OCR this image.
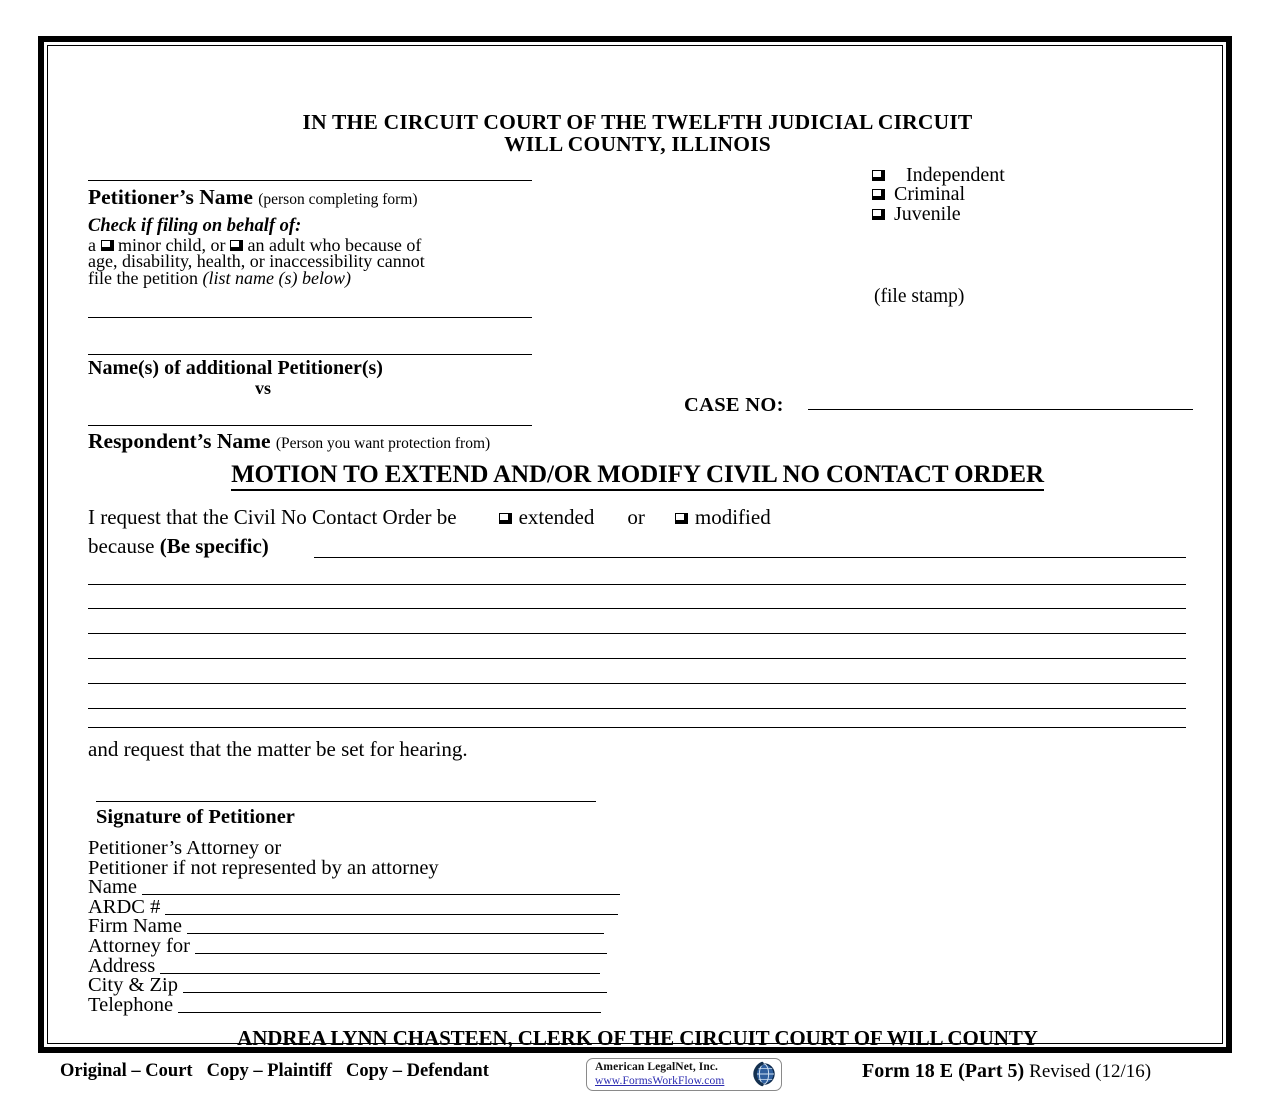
IN THE CIRCUIT COURT OF THE TWELFTH JUDICIAL CIRCUIT
WILL COUNTY, ILLINOIS
Petitioner’s Name (person completing form)
Check if filing on behalf of:
a minor child, or an adult who because of
age, disability, health, or inaccessibility cannot
file the petition (list name (s) below)
Name(s) of additional Petitioner(s)
vs
Respondent’s Name (Person you want protection from)
Independent
Criminal
Juvenile
(file stamp)
CASE NO:
MOTION TO EXTEND AND/OR MODIFY CIVIL NO CONTACT ORDER
I request that the Civil No Contact Order be	extended or modified
because (Be specific)
and request that the matter be set for hearing.
Signature of Petitioner
Petitioner’s Attorney or
Petitioner if not represented by an attorney
Name
ARDC #
Firm Name
Attorney for
Address
City & Zip
Telephone
ANDREA LYNN CHASTEEN, CLERK OF THE CIRCUIT COURT OF WILL COUNTY
Original – Court Copy – Plaintiff Copy – Defendant	American LegalNet, Inc.
www.FormsWorkFlow.com	Form 18 E (Part 5) Revised (12/16)
